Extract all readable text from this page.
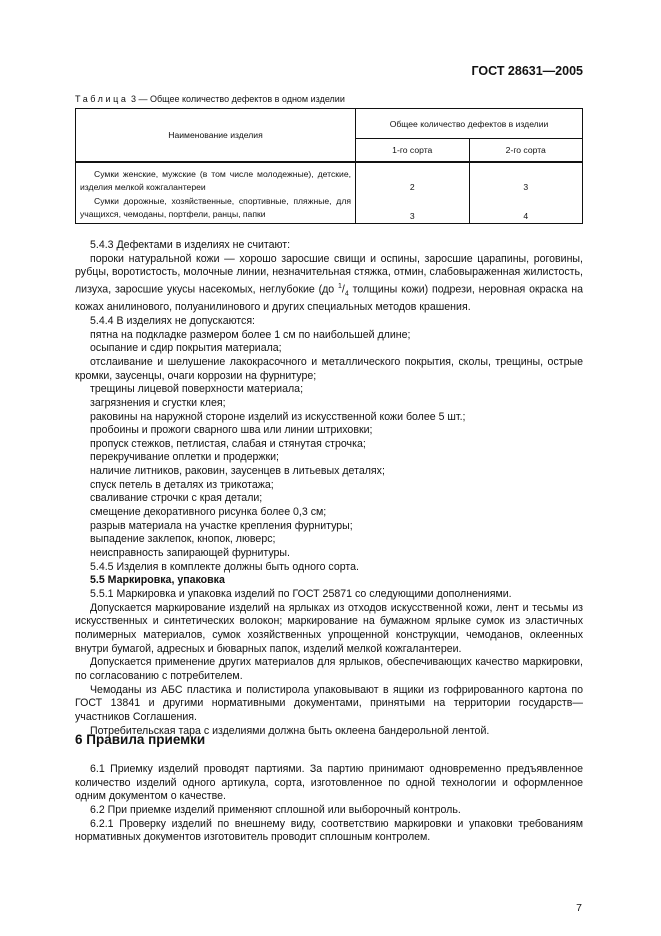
ГОСТ 28631—2005
Таблица 3 — Общее количество дефектов в одном изделии
Наименование изделия	Общее количество дефектов в изделии	
	1-го сорта	2-го сорта
Сумки женские, мужские (в том числе молодежные), детские, изделия мелкой кожгалантереи	2	3
Сумки дорожные, хозяйственные, спортивные, пляжные, для учащихся, чемоданы, портфели, ранцы, папки	3	4

5.4.3 Дефектами в изделиях не считают:

пороки натуральной кожи — хорошо заросшие свищи и оспины, заросшие царапины, роговины, рубцы, воротистость, молочные линии, незначительная стяжка, отмин, слабовыраженная жилистость, лизуха, заросшие укусы насекомых, неглубокие (до $^1/_4$ толщины кожи) подрези, неровная окраска на кожах анилинового, полуанилинового и других специальных методов крашения.

5.4.4 В изделиях не допускаются:

пятна на подкладке размером более 1 см по наибольшей длине;

осыпание и сдир покрытия материала;

отслаивание и шелушение лакокрасочного и металлического покрытия, сколы, трещины, острые кромки, заусенцы, очаги коррозии на фурнитуре;

трещины лицевой поверхности материала;

загрязнения и сгустки клея;

раковины на наружной стороне изделий из искусственной кожи более 5 шт.;

пробоины и прожоги сварного шва или линии штриховки;

пропуск стежков, петлистая, слабая и стянутая строчка;

перекручивание оплетки и продержки;

наличие литников, раковин, заусенцев в литьевых деталях;

спуск петель в деталях из трикотажа;

сваливание строчки с края детали;

смещение декоративного рисунка более 0,3 см;

разрыв материала на участке крепления фурнитуры;

выпадение заклепок, кнопок, люверс;

неисправность запирающей фурнитуры.

5.4.5 Изделия в комплекте должны быть одного сорта.

5.5 Маркировка, упаковка

5.5.1 Маркировка и упаковка изделий по ГОСТ 25871 со следующими дополнениями.

Допускается маркирование изделий на ярлыках из отходов искусственной кожи, лент и тесьмы из искусственных и синтетических волокон; маркирование на бумажном ярлыке сумок из эластичных полимерных материалов, сумок хозяйственных упрощенной конструкции, чемоданов, оклеенных внутри бумагой, адресных и бюварных папок, изделий мелкой кожгалантереи.

Допускается применение других материалов для ярлыков, обеспечивающих качество маркировки, по согласованию с потребителем.

Чемоданы из АБС пластика и полистирола упаковывают в ящики из гофрированного картона по ГОСТ 13841 и другими нормативными документами, принятыми на территории государств—участников Соглашения.

Потребительская тара с изделиями должна быть оклеена бандерольной лентой.

6 Правила приемки

6.1 Приемку изделий проводят партиями. За партию принимают одновременно предъявленное количество изделий одного артикула, сорта, изготовленное по одной технологии и оформленное одним документом о качестве.

6.2 При приемке изделий применяют сплошной или выборочный контроль.

6.2.1 Проверку изделий по внешнему виду, соответствию маркировки и упаковки требованиям нормативных документов изготовитель проводит сплошным контролем.

7
